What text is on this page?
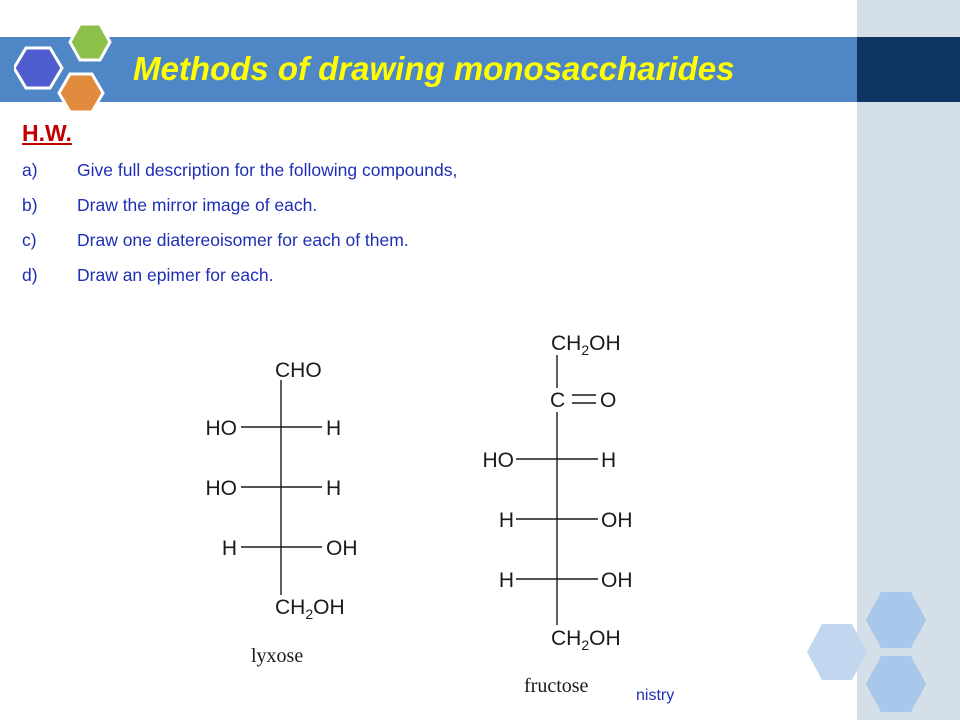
Methods of drawing monosaccharides
H.W.
a) Give full description for the following compounds,
b) Draw the mirror image of each.
c) Draw one diatereoisomer for each of them.
d) Draw an epimer for each.
CHO
HO	H
HO	H
H	OH
$CH_2OH$
lyxose
$CH_2OH$
C O
HO	H
H	OH
H	OH
$CH_2OH$
fructose	nistry
